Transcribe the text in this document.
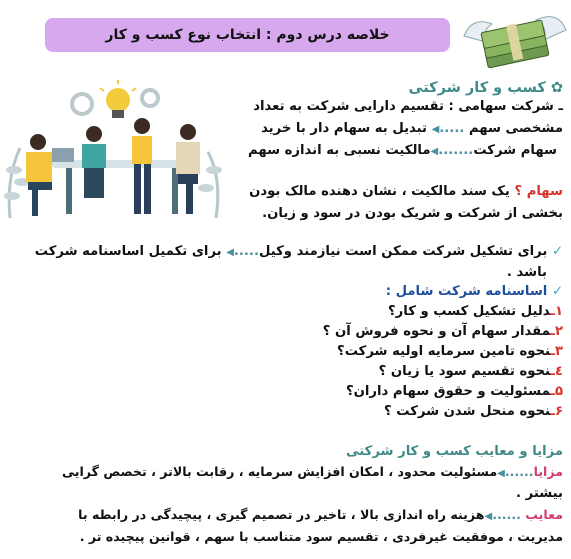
خلاصه درس دوم : انتخاب نوع کسب و کار
✿ کسب و کار شرکتی
ـ شرکت سهامی : تقسیم دارایی شرکت به تعداد
مشخصی سهم .....◀ تبدیل به سهام دار با خرید
سهام شرکت.......◀مالکیت نسبی به اندازه سهم
سهام ؟ یک سند مالکیت ، نشان دهنده مالک بودن
بخشی از شرکت و شریک بودن در سود و زیان.
✓ برای تشکیل شرکت ممکن است نیازمند وکیل.....◀ برای تکمیل اساسنامه شرکت
باشد .
✓ اساسنامه شرکت شامل :
۱ـدلیل تشکیل کسب و کار؟
۲ـمقدار سهام آن و نحوه فروش آن ؟
۳ـنحوه تامین سرمایه اولیه شرکت؟
٤ـنحوه تقسیم سود یا زیان ؟
۵ـمسئولیت و حقوق سهام داران؟
۶ـنحوه منحل شدن شرکت ؟
مزایا و معایب کسب و کار شرکتی
مزایا......◀مسئولیت محدود ، امکان افزایش سرمایه ، رقابت بالاتر ، تخصص گرایی
بیشتر .
معایب ......◀هزینه راه اندازی بالا ، تاخیر در تصمیم گیری ، پیچیدگی در رابطه با
مدیریت ، موفقیت غیرفردی ، تقسیم سود متناسب با سهم ، قوانین پیچیده تر .
